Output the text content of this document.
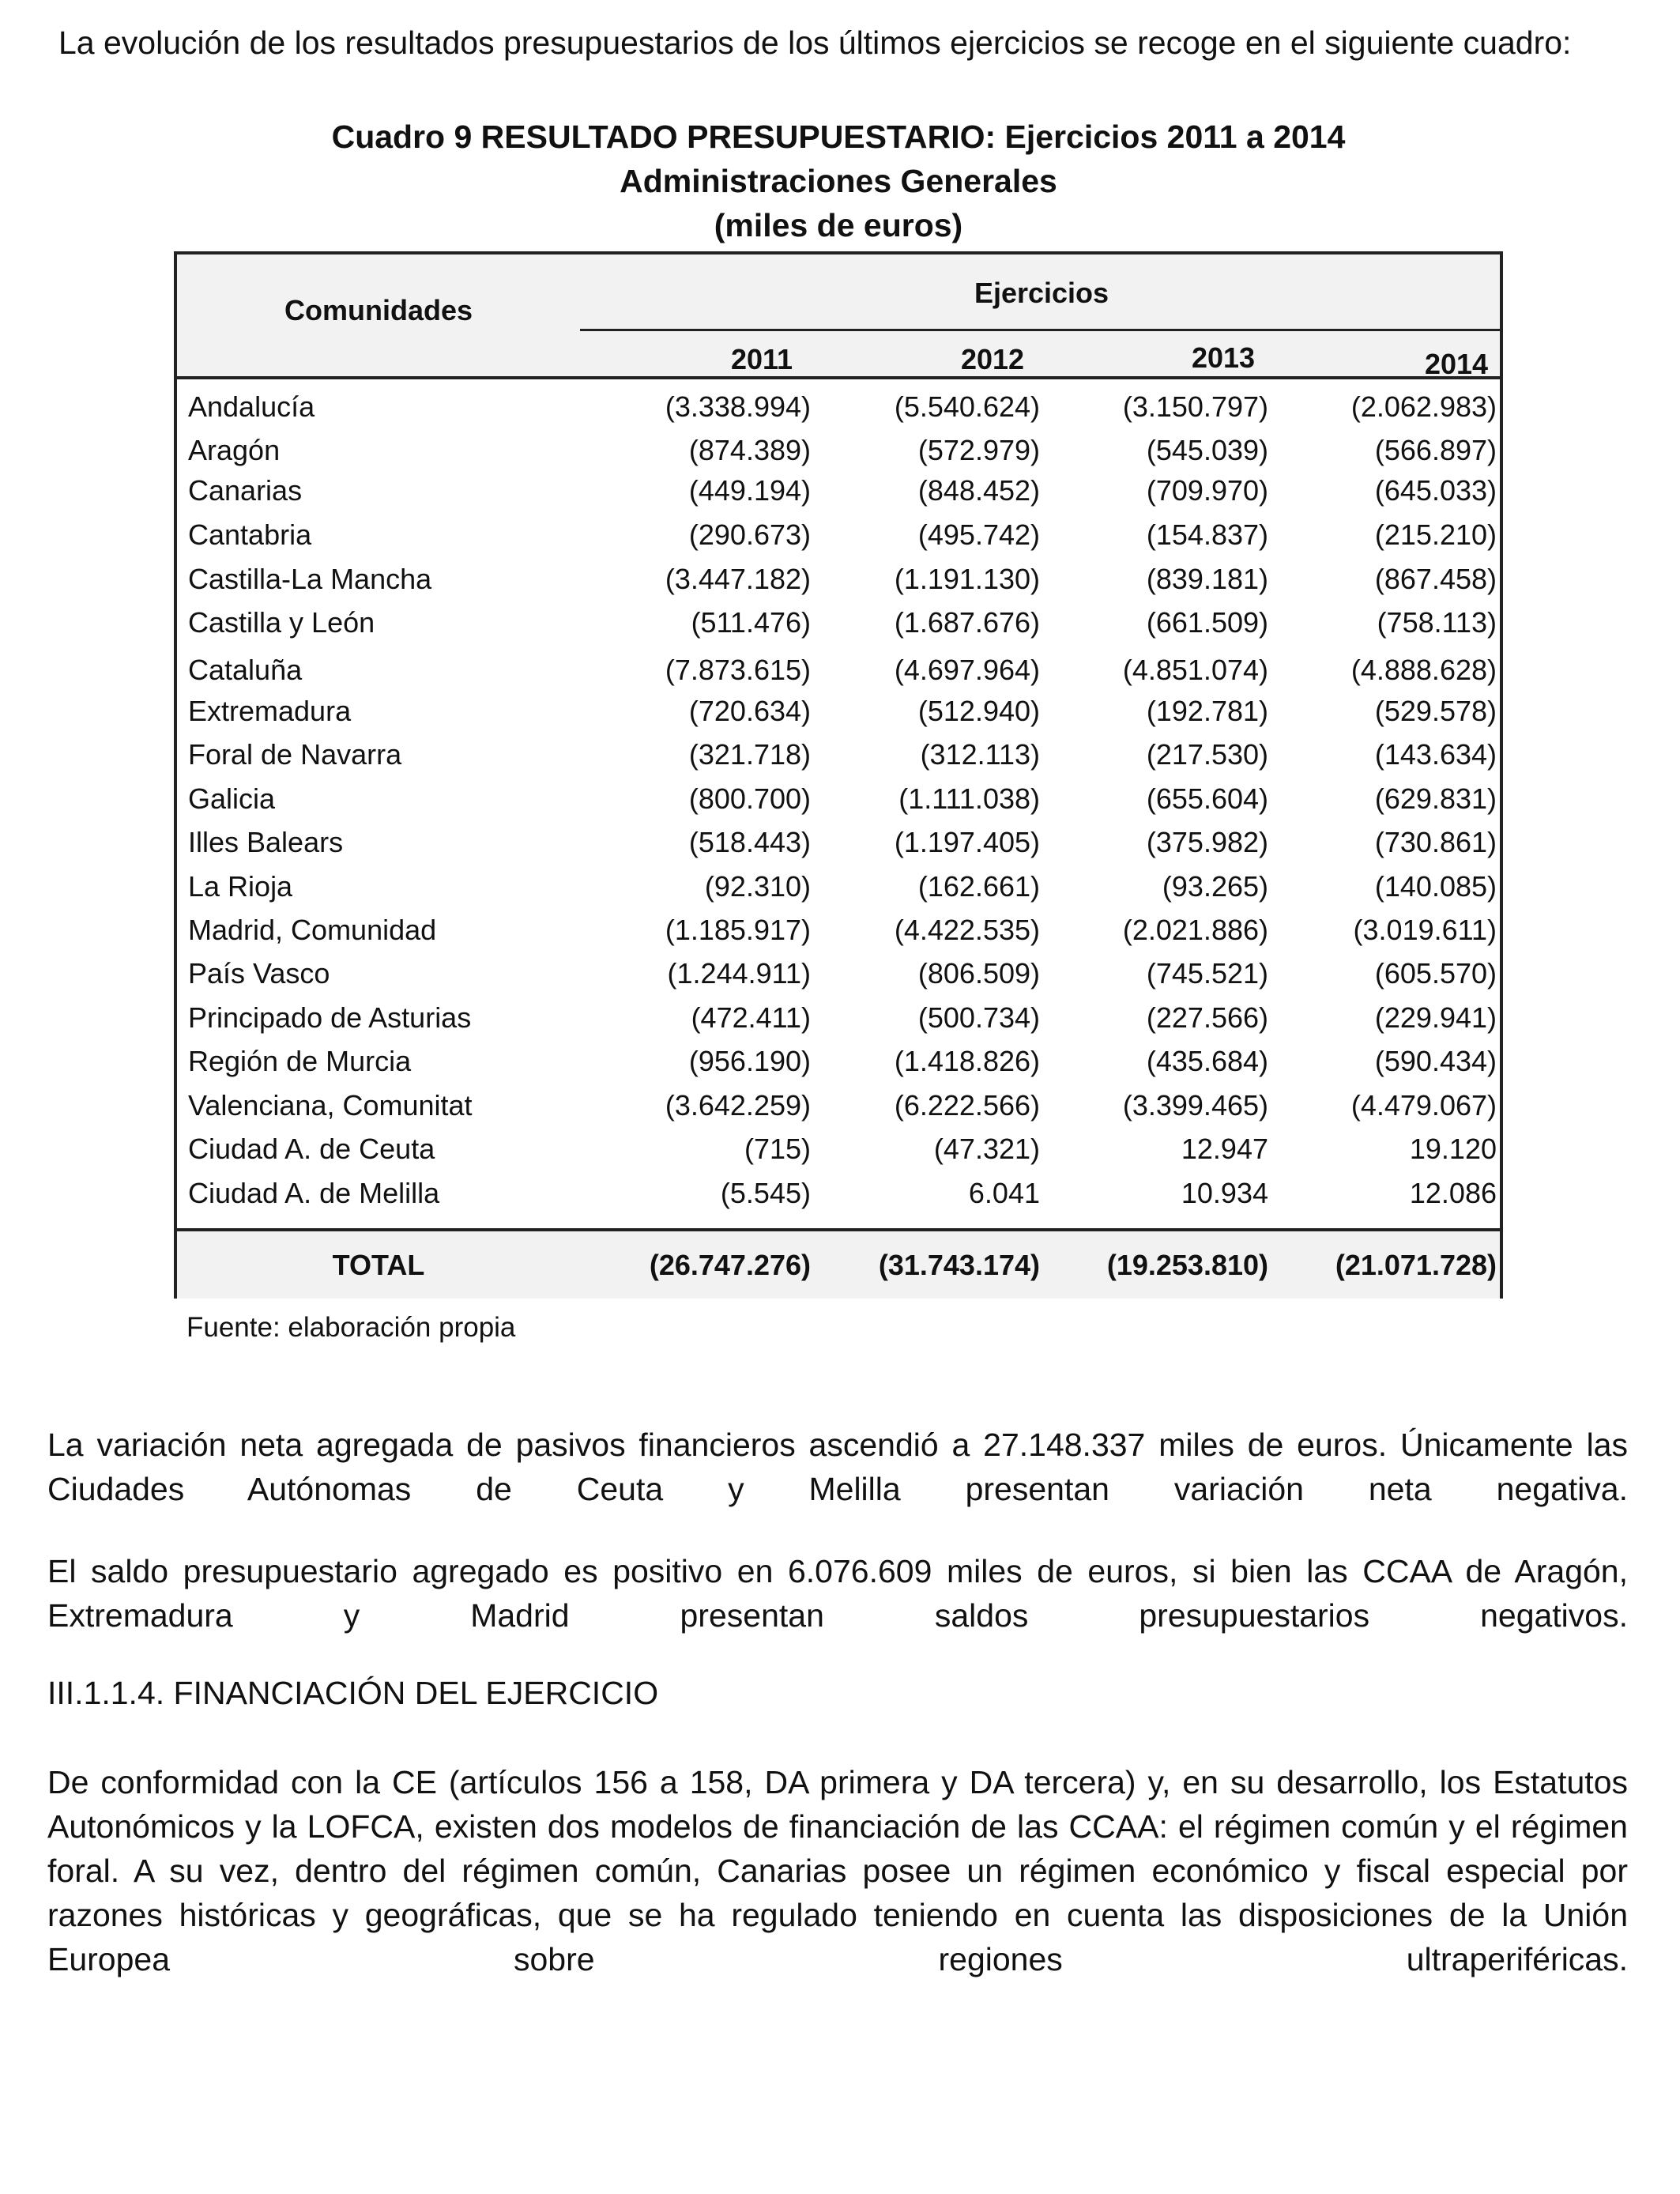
La evolución de los resultados presupuestarios de los últimos ejercicios se recoge en el siguiente cuadro:

Cuadro 9 RESULTADO PRESUPUESTARIO: Ejercicios 2011 a 2014
Administraciones Generales
(miles de euros)
Comunidades
Ejercicios
2011	2012	2013	2014
Andalucía	(3.338.994)	(5.540.624)	(3.150.797)	(2.062.983)
Aragón	(874.389)	(572.979)	(545.039)	(566.897)
Canarias	(449.194)	(848.452)	(709.970)	(645.033)
Cantabria	(290.673)	(495.742)	(154.837)	(215.210)
Castilla-La Mancha	(3.447.182)	(1.191.130)	(839.181)	(867.458)
Castilla y León	(511.476)	(1.687.676)	(661.509)	(758.113)
Cataluña	(7.873.615)	(4.697.964)	(4.851.074)	(4.888.628)
Extremadura	(720.634)	(512.940)	(192.781)	(529.578)
Foral de Navarra	(321.718)	(312.113)	(217.530)	(143.634)
Galicia	(800.700)	(1.111.038)	(655.604)	(629.831)
Illes Balears	(518.443)	(1.197.405)	(375.982)	(730.861)
La Rioja	(92.310)	(162.661)	(93.265)	(140.085)
Madrid, Comunidad	(1.185.917)	(4.422.535)	(2.021.886)	(3.019.611)
País Vasco	(1.244.911)	(806.509)	(745.521)	(605.570)
Principado de Asturias	(472.411)	(500.734)	(227.566)	(229.941)
Región de Murcia	(956.190)	(1.418.826)	(435.684)	(590.434)
Valenciana, Comunitat	(3.642.259)	(6.222.566)	(3.399.465)	(4.479.067)
Ciudad A. de Ceuta	(715)	(47.321)	12.947	19.120
Ciudad A. de Melilla	(5.545)	6.041	10.934	12.086
TOTAL	(26.747.276)	(31.743.174)	(19.253.810)	(21.071.728)
Fuente: elaboración propia

La variación neta agregada de pasivos financieros ascendió a 27.148.337 miles de euros. Únicamente las Ciudades Autónomas de Ceuta y Melilla presentan variación neta negativa.

El saldo presupuestario agregado es positivo en 6.076.609 miles de euros, si bien las CCAA de Aragón, Extremadura y Madrid presentan saldos presupuestarios negativos.

III.1.1.4. FINANCIACIÓN DEL EJERCICIO

De conformidad con la CE (artículos 156 a 158, DA primera y DA tercera) y, en su desarrollo, los Estatutos Autonómicos y la LOFCA, existen dos modelos de financiación de las CCAA: el régimen común y el régimen foral. A su vez, dentro del régimen común, Canarias posee un régimen económico y fiscal especial por razones históricas y geográficas, que se ha regulado teniendo en cuenta las disposiciones de la Unión Europea sobre regiones ultraperiféricas.
